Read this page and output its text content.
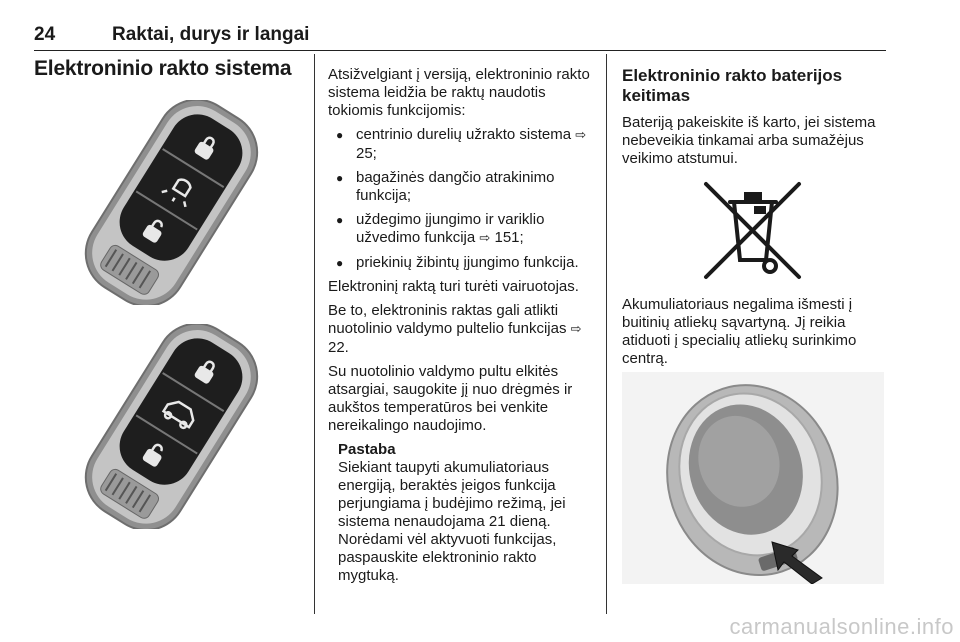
24	Raktai, durys ir langai
Elektroninio rakto sistema	Atsižvelgiant į versiją, elektroninio rakto sistema leidžia be raktų naudotis tokiomis funkcijomis:

● centrinio durelių užrakto sistema ⇨ 25;
● bagažinės dangčio atrakinimo funkcija;
● uždegimo įjungimo ir variklio užvedimo funkcija ⇨ 151;
● priekinių žibintų įjungimo funkcija.

Elektroninį raktą turi turėti vairuotojas.

Be to, elektroninis raktas gali atlikti nuotolinio valdymo pultelio funkcijas ⇨ 22.

Su nuotolinio valdymo pultu elkitės atsargiai, saugokite jį nuo drėgmės ir aukštos temperatūros bei venkite nereikalingo naudojimo.

Pastaba

Siekiant taupyti akumuliatoriaus energiją, beraktės įeigos funkcija perjungiama į budėjimo režimą, jei sistema nenaudojama 21 dieną. Norėdami vėl aktyvuoti funkcijas, paspauskite elektroninio rakto mygtuką.

Elektroninio rakto baterijos keitimas

Bateriją pakeiskite iš karto, jei sistema nebeveikia tinkamai arba sumažėjus veikimo atstumui.

Akumuliatoriaus negalima išmesti į buitinių atliekų sąvartyną. Jį reikia atiduoti į specialių atliekų surinkimo centrą.

carmanualsonline.info
